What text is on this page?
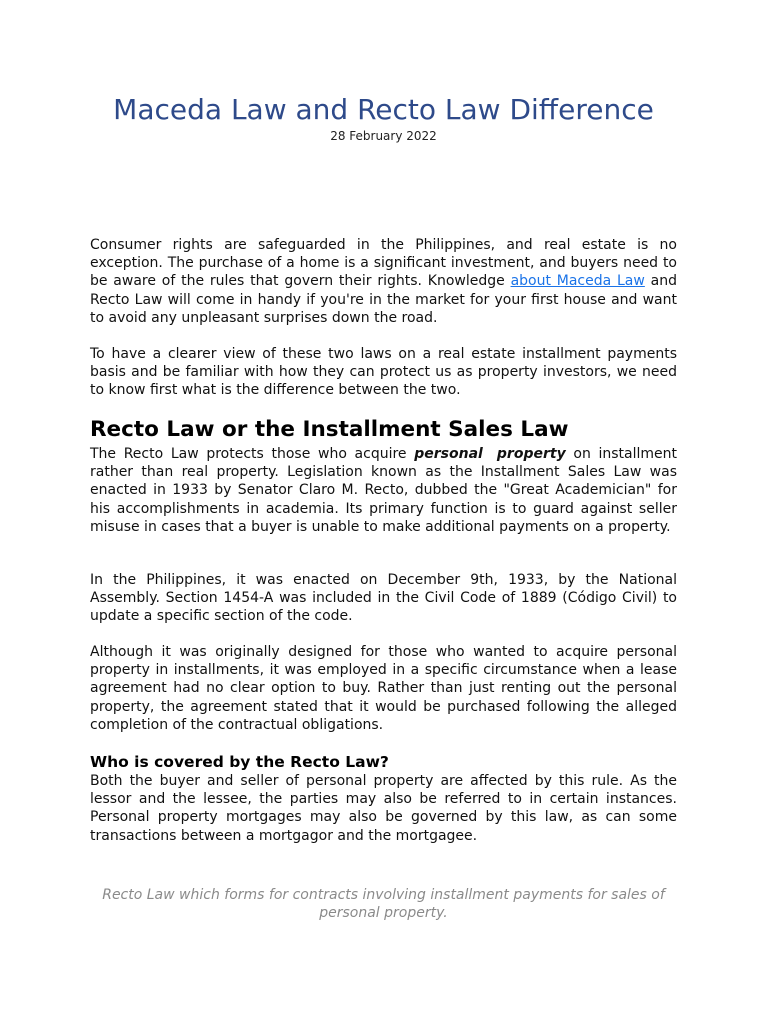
Maceda Law and Recto Law Difference
28 February 2022

Consumer rights are safeguarded in the Philippines, and real estate is no exception. The purchase of a home is a significant investment, and buyers need to be aware of the rules that govern their rights. Knowledge about Maceda Law and Recto Law will come in handy if you're in the market for your first house and want to avoid any unpleasant surprises down the road.

To have a clearer view of these two laws on a real estate installment payments basis and be familiar with how they can protect us as property investors, we need to know first what is the difference between the two.

Recto Law or the Installment Sales Law

The Recto Law protects those who acquire personal property on installment rather than real property. Legislation known as the Installment Sales Law was enacted in 1933 by Senator Claro M. Recto, dubbed the "Great Academician" for his accomplishments in academia. Its primary function is to guard against seller misuse in cases that a buyer is unable to make additional payments on a property.

In the Philippines, it was enacted on December 9th, 1933, by the National Assembly. Section 1454-A was included in the Civil Code of 1889 (Código Civil) to update a specific section of the code.

Although it was originally designed for those who wanted to acquire personal property in installments, it was employed in a specific circumstance when a lease agreement had no clear option to buy. Rather than just renting out the personal property, the agreement stated that it would be purchased following the alleged completion of the contractual obligations.

Who is covered by the Recto Law?

Both the buyer and seller of personal property are affected by this rule. As the lessor and the lessee, the parties may also be referred to in certain instances. Personal property mortgages may also be governed by this law, as can some transactions between a mortgagor and the mortgagee.

Recto Law which forms for contracts involving installment payments for sales of personal property.
